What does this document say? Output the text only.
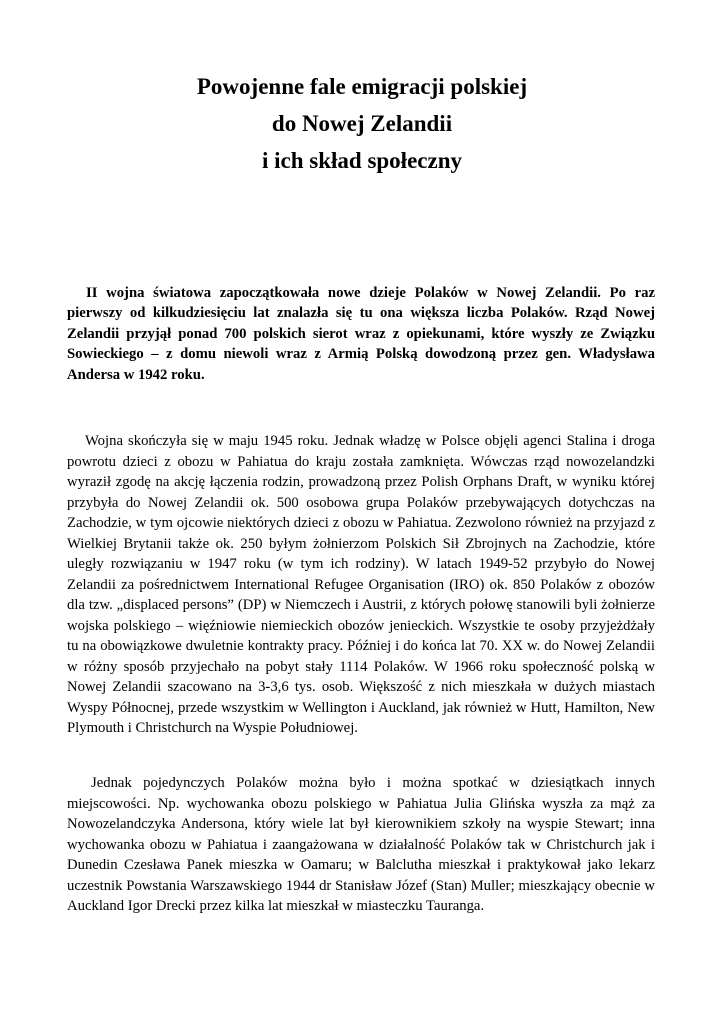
Powojenne fale emigracji polskiej
do Nowej Zelandii
i ich skład społeczny

II wojna światowa zapoczątkowała nowe dzieje Polaków w Nowej Zelandii. Po raz pierwszy od kilkudziesięciu lat znalazła się tu ona większa liczba Polaków. Rząd Nowej Zelandii przyjął ponad 700 polskich sierot wraz z opiekunami, które wyszły ze Związku Sowieckiego – z domu niewoli wraz z Armią Polską dowodzoną przez gen. Władysława Andersa w 1942 roku.

Wojna skończyła się w maju 1945 roku. Jednak władzę w Polsce objęli agenci Stalina i droga powrotu dzieci z obozu w Pahiatua do kraju została zamknięta. Wówczas rząd nowozelandzki wyraził zgodę na akcję łączenia rodzin, prowadzoną przez Polish Orphans Draft, w wyniku której przybyła do Nowej Zelandii ok. 500 osobowa grupa Polaków przebywających dotychczas na Zachodzie, w tym ojcowie niektórych dzieci z obozu w Pahiatua. Zezwolono również na przyjazd z Wielkiej Brytanii także ok. 250 byłym żołnierzom Polskich Sił Zbrojnych na Zachodzie, które uległy rozwiązaniu w 1947 roku (w tym ich rodziny). W latach 1949-52 przybyło do Nowej Zelandii za pośrednictwem International Refugee Organisation (IRO) ok. 850 Polaków z obozów dla tzw. „displaced persons” (DP) w Niemczech i Austrii, z których połowę stanowili byli żołnierze wojska polskiego – więźniowie niemieckich obozów jenieckich. Wszystkie te osoby przyjeżdżały tu na obowiązkowe dwuletnie kontrakty pracy. Później i do końca lat 70. XX w. do Nowej Zelandii w różny sposób przyjechało na pobyt stały 1114 Polaków. W 1966 roku społeczność polską w Nowej Zelandii szacowano na 3-3,6 tys. osob. Większość z nich mieszkała w dużych miastach Wyspy Północnej, przede wszystkim w Wellington i Auckland, jak również w Hutt, Hamilton, New Plymouth i Christchurch na Wyspie Południowej.

Jednak pojedynczych Polaków można było i można spotkać w dziesiątkach innych miejscowości. Np. wychowanka obozu polskiego w Pahiatua Julia Glińska wyszła za mąż za Nowozelandczyka Andersona, który wiele lat był kierownikiem szkoły na wyspie Stewart; inna wychowanka obozu w Pahiatua i zaangażowana w działalność Polaków tak w Christchurch jak i Dunedin Czesława Panek mieszka w Oamaru; w Balclutha mieszkał i praktykował jako lekarz uczestnik Powstania Warszawskiego 1944 dr Stanisław Józef (Stan) Muller; mieszkający obecnie w Auckland Igor Drecki przez kilka lat mieszkał w miasteczku Tauranga.
